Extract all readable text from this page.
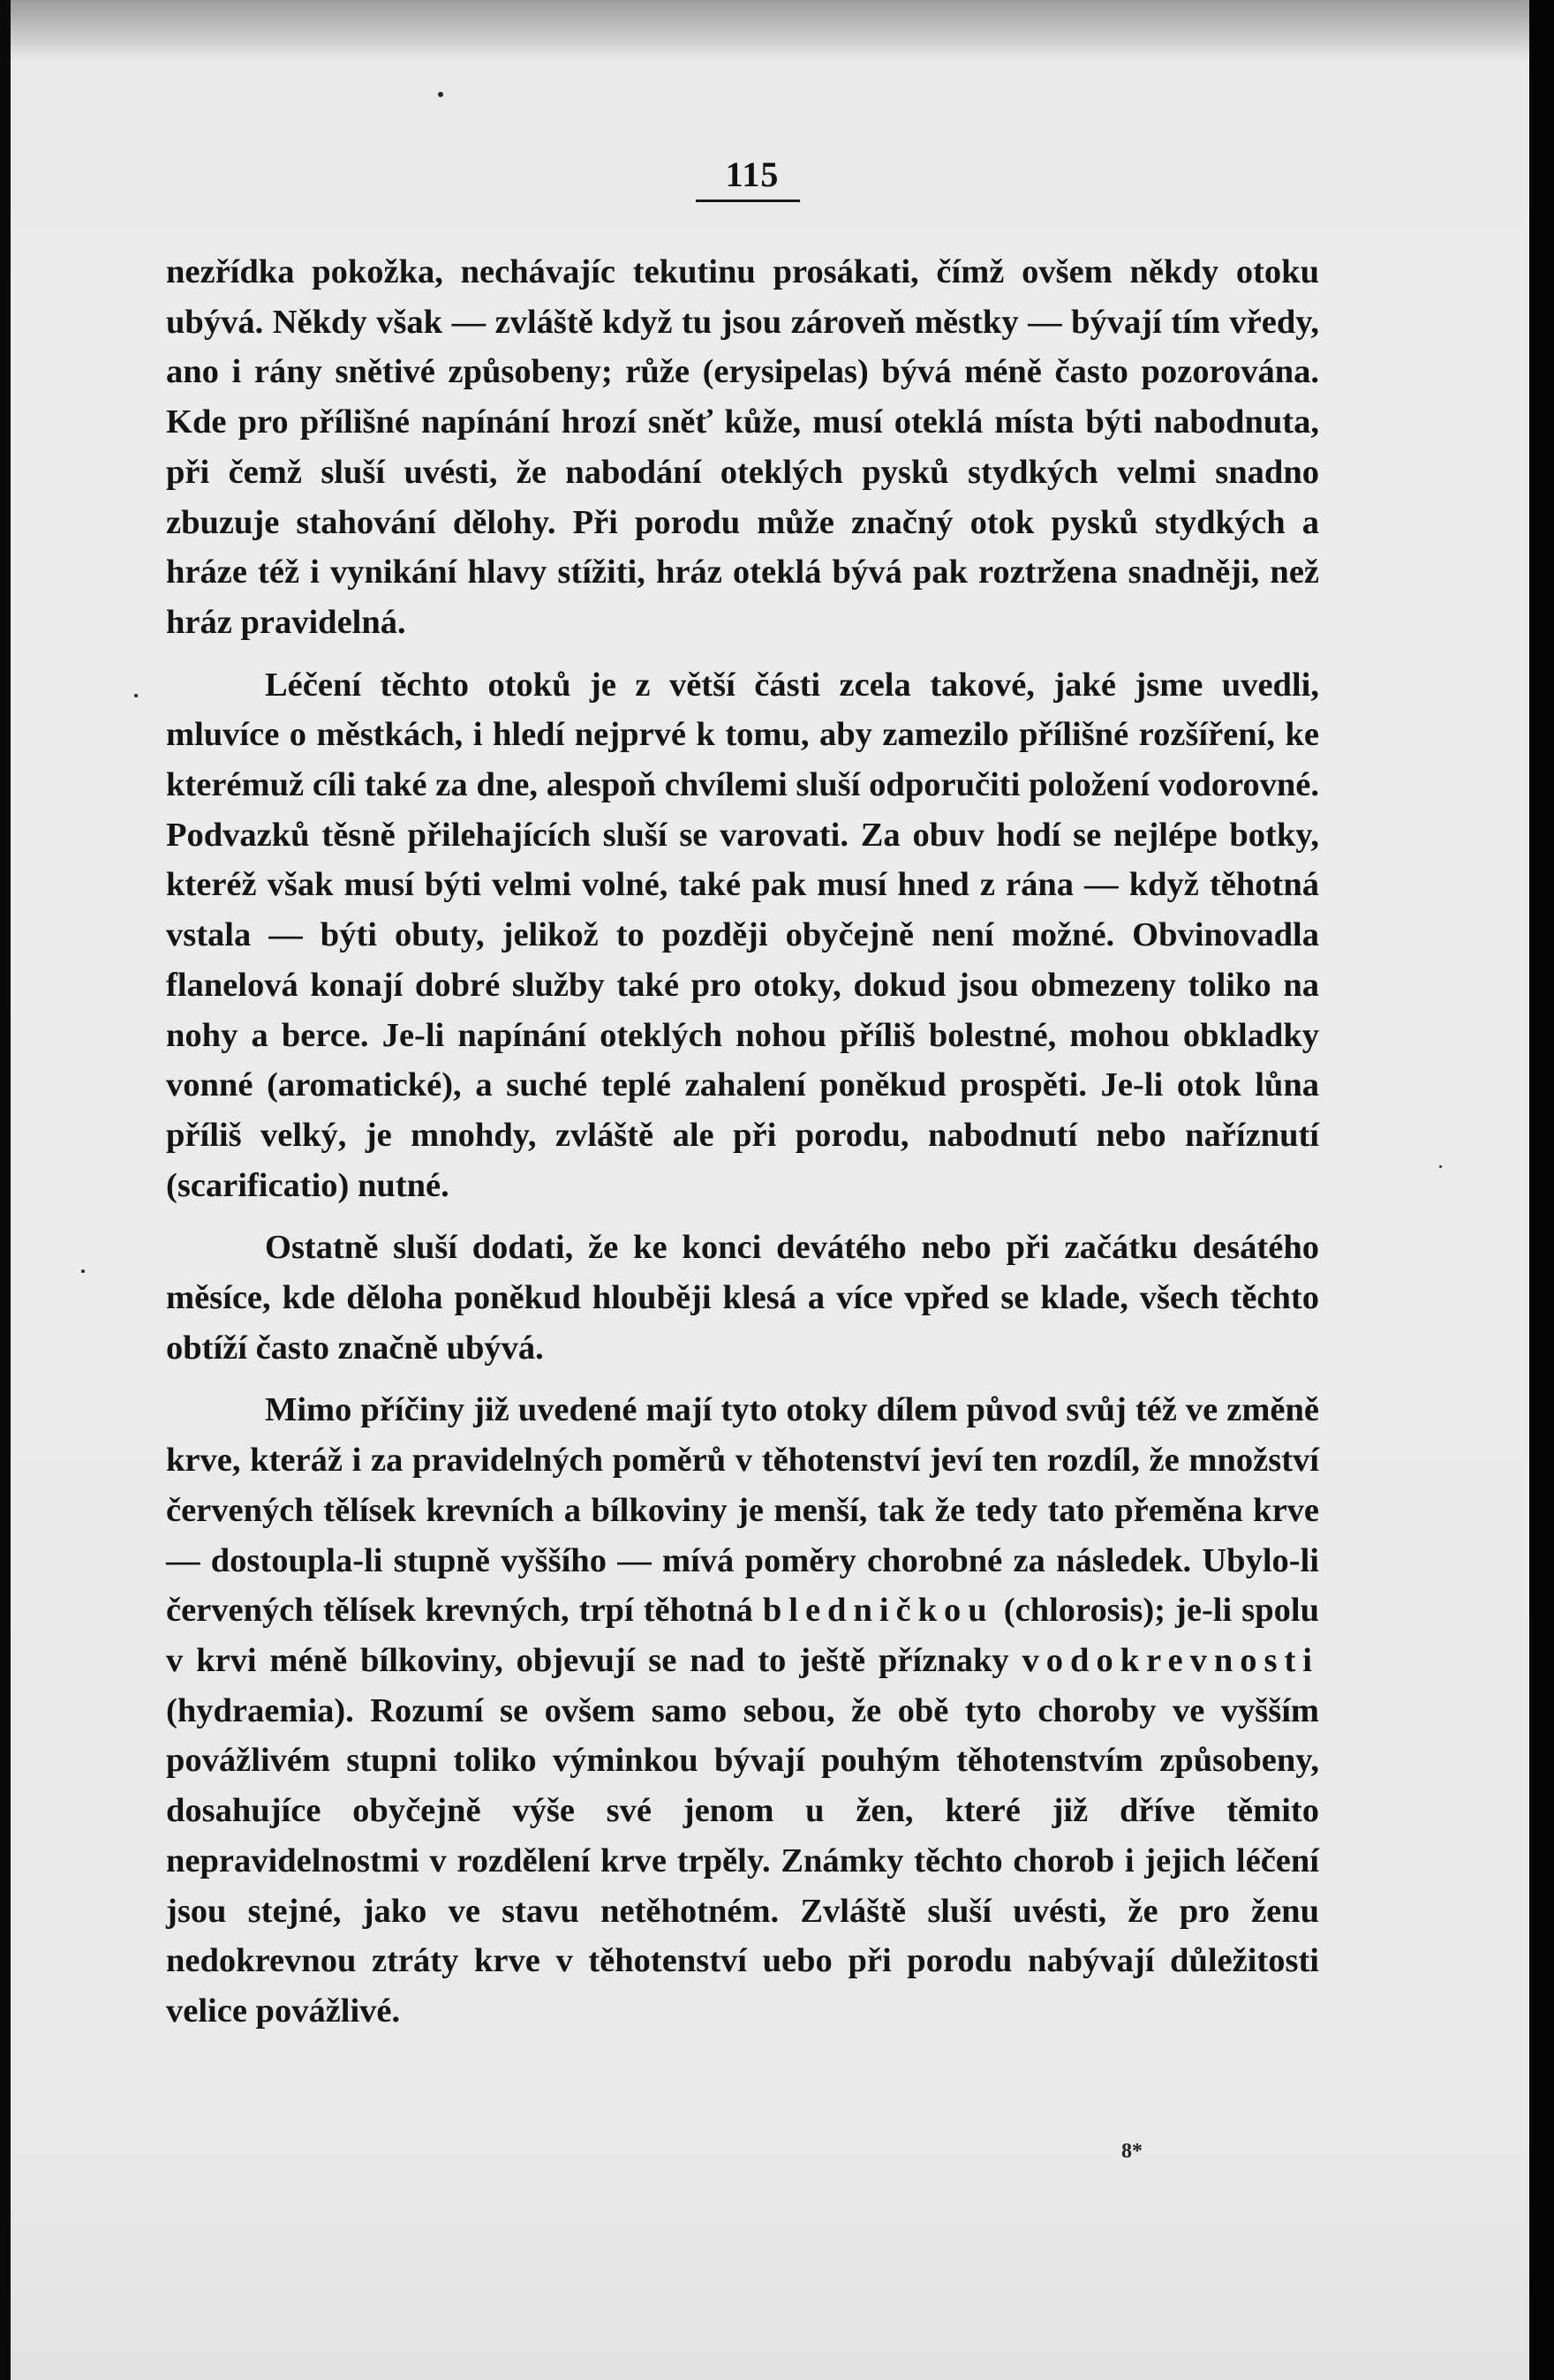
115

nezřídka pokožka, nechávajíc tekutinu prosákati, čímž ovšem někdy otoku ubývá. Někdy však — zvláště když tu jsou zároveň městky — bývají tím vředy, ano i rány snětivé způsobeny; růže (erysipelas) bývá méně často pozorována. Kde pro přílišné napínání hrozí sněť kůže, musí oteklá místa býti nabodnuta, při čemž sluší uvésti, že nabodání oteklých pysků stydkých velmi snadno zbuzuje stahování dělohy. Při porodu může značný otok pysků stydkých a hráze též i vynikání hlavy stížiti, hráz oteklá bývá pak roztržena snadněji, než hráz pravidelná.

Léčení těchto otoků je z větší části zcela takové, jaké jsme uvedli, mluvíce o městkách, i hledí nejprvé k tomu, aby zamezilo přílišné rozšíření, ke kterémuž cíli také za dne, alespoň chvílemi sluší odporučiti položení vodorovné. Podvazků těsně přilehajících sluší se varovati. Za obuv hodí se nejlépe botky, kteréž však musí býti velmi volné, také pak musí hned z rána — když těhotná vstala — býti obuty, jelikož to později obyčejně není možné. Obvinovadla flanelová konají dobré služby také pro otoky, dokud jsou obmezeny toliko na nohy a berce. Je-li napínání oteklých nohou příliš bolestné, mohou obkladky vonné (aromatické), a suché teplé zahalení poněkud prospěti. Je-li otok lůna příliš velký, je mnohdy, zvláště ale při porodu, nabodnutí nebo naříznutí (scarificatio) nutné.

Ostatně sluší dodati, že ke konci devátého nebo při začátku desátého měsíce, kde děloha poněkud hlouběji klesá a více vpřed se klade, všech těchto obtíží často značně ubývá.

Mimo příčiny již uvedené mají tyto otoky dílem původ svůj též ve změně krve, kteráž i za pravidelných poměrů v těhotenství jeví ten rozdíl, že množství červených tělísek krevních a bílkoviny je menší, tak že tedy tato přeměna krve — dostoupla-li stupně vyššího — mívá poměry chorobné za následek. Ubylo-li červených tělísek krevných, trpí těhotná bledničkou (chlorosis); je-li spolu v krvi méně bílkoviny, objevují se nad to ještě příznaky vodokrevnosti (hydraemia). Rozumí se ovšem samo sebou, že obě tyto choroby ve vyšším povážlivém stupni toliko výminkou bývají pouhým těhotenstvím způsobeny, dosahujíce obyčejně výše své jenom u žen, které již dříve těmito nepravidelnostmi v rozdělení krve trpěly. Známky těchto chorob i jejich léčení jsou stejné, jako ve stavu netěhotném. Zvláště sluší uvésti, že pro ženu nedokrevnou ztráty krve v těhotenství uebo při porodu nabývají důležitosti velice povážlivé.

8*
